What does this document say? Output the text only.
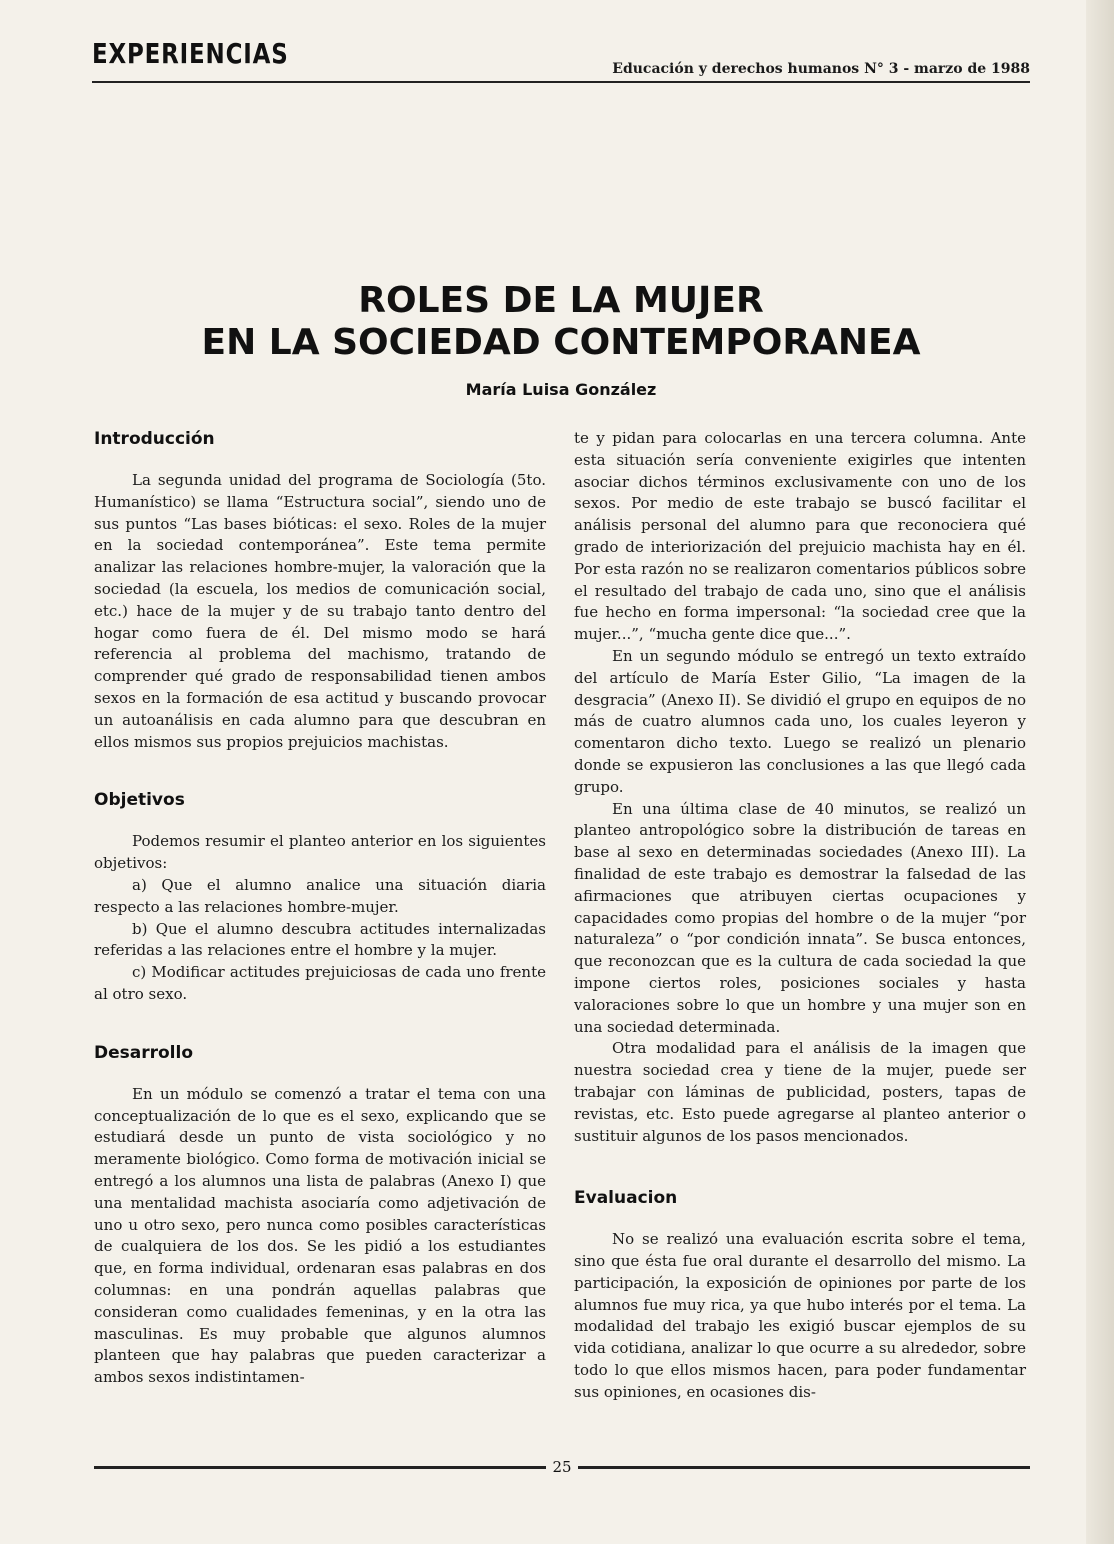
EXPERIENCIAS	Educación y derechos humanos N° 3 - marzo de 1988
ROLES DE LA MUJER
EN LA SOCIEDAD CONTEMPORANEA
María Luisa González
Introducción

La segunda unidad del programa de Sociología (5to. Humanístico) se llama “Estructura social”, siendo uno de sus puntos “Las bases bióticas: el sexo. Roles de la mujer en la sociedad contemporánea”. Este tema permite analizar las relaciones hombre-mujer, la valoración que la sociedad (la escuela, los medios de comunicación social, etc.) hace de la mujer y de su trabajo tanto dentro del hogar como fuera de él. Del mismo modo se hará referencia al problema del machismo, tratando de comprender qué grado de responsabilidad tienen ambos sexos en la formación de esa actitud y buscando provocar un autoanálisis en cada alumno para que descubran en ellos mismos sus propios prejuicios machistas.

Objetivos

Podemos resumir el planteo anterior en los siguientes objetivos:

a) Que el alumno analice una situación diaria respecto a las relaciones hombre-mujer.

b) Que el alumno descubra actitudes internalizadas referidas a las relaciones entre el hombre y la mujer.

c) Modificar actitudes prejuiciosas de cada uno frente al otro sexo.

Desarrollo

En un módulo se comenzó a tratar el tema con una conceptualización de lo que es el sexo, explicando que se estudiará desde un punto de vista sociológico y no meramente biológico. Como forma de motivación inicial se entregó a los alumnos una lista de palabras (Anexo I) que una mentalidad machista asociaría como adjetivación de uno u otro sexo, pero nunca como posibles características de cualquiera de los dos. Se les pidió a los estudiantes que, en forma individual, ordenaran esas palabras en dos columnas: en una pondrán aquellas palabras que consideran como cualidades femeninas, y en la otra las masculinas. Es muy probable que algunos alumnos planteen que hay palabras que pueden caracterizar a ambos sexos indistintamen-

te y pidan para colocarlas en una tercera columna. Ante esta situación sería conveniente exigirles que intenten asociar dichos términos exclusivamente con uno de los sexos. Por medio de este trabajo se buscó facilitar el análisis personal del alumno para que reconociera qué grado de interiorización del prejuicio machista hay en él. Por esta razón no se realizaron comentarios públicos sobre el resultado del trabajo de cada uno, sino que el análisis fue hecho en forma impersonal: “la sociedad cree que la mujer...”, “mucha gente dice que...”.

En un segundo módulo se entregó un texto extraído del artículo de María Ester Gilio, “La imagen de la desgracia” (Anexo II). Se dividió el grupo en equipos de no más de cuatro alumnos cada uno, los cuales leyeron y comentaron dicho texto. Luego se realizó un plenario donde se expusieron las conclusiones a las que llegó cada grupo.

En una última clase de 40 minutos, se realizó un planteo antropológico sobre la distribución de tareas en base al sexo en determinadas sociedades (Anexo III). La finalidad de este trabajo es demostrar la falsedad de las afirmaciones que atribuyen ciertas ocupaciones y capacidades como propias del hombre o de la mujer “por naturaleza” o “por condición innata”. Se busca entonces, que reconozcan que es la cultura de cada sociedad la que impone ciertos roles, posiciones sociales y hasta valoraciones sobre lo que un hombre y una mujer son en una sociedad determinada.

Otra modalidad para el análisis de la imagen que nuestra sociedad crea y tiene de la mujer, puede ser trabajar con láminas de publicidad, posters, tapas de revistas, etc. Esto puede agregarse al planteo anterior o sustituir algunos de los pasos mencionados.

Evaluacion

No se realizó una evaluación escrita sobre el tema, sino que ésta fue oral durante el desarrollo del mismo. La participación, la exposición de opiniones por parte de los alumnos fue muy rica, ya que hubo interés por el tema. La modalidad del trabajo les exigió buscar ejemplos de su vida cotidiana, analizar lo que ocurre a su alrededor, sobre todo lo que ellos mismos hacen, para poder fundamentar sus opiniones, en ocasiones dis-

25
